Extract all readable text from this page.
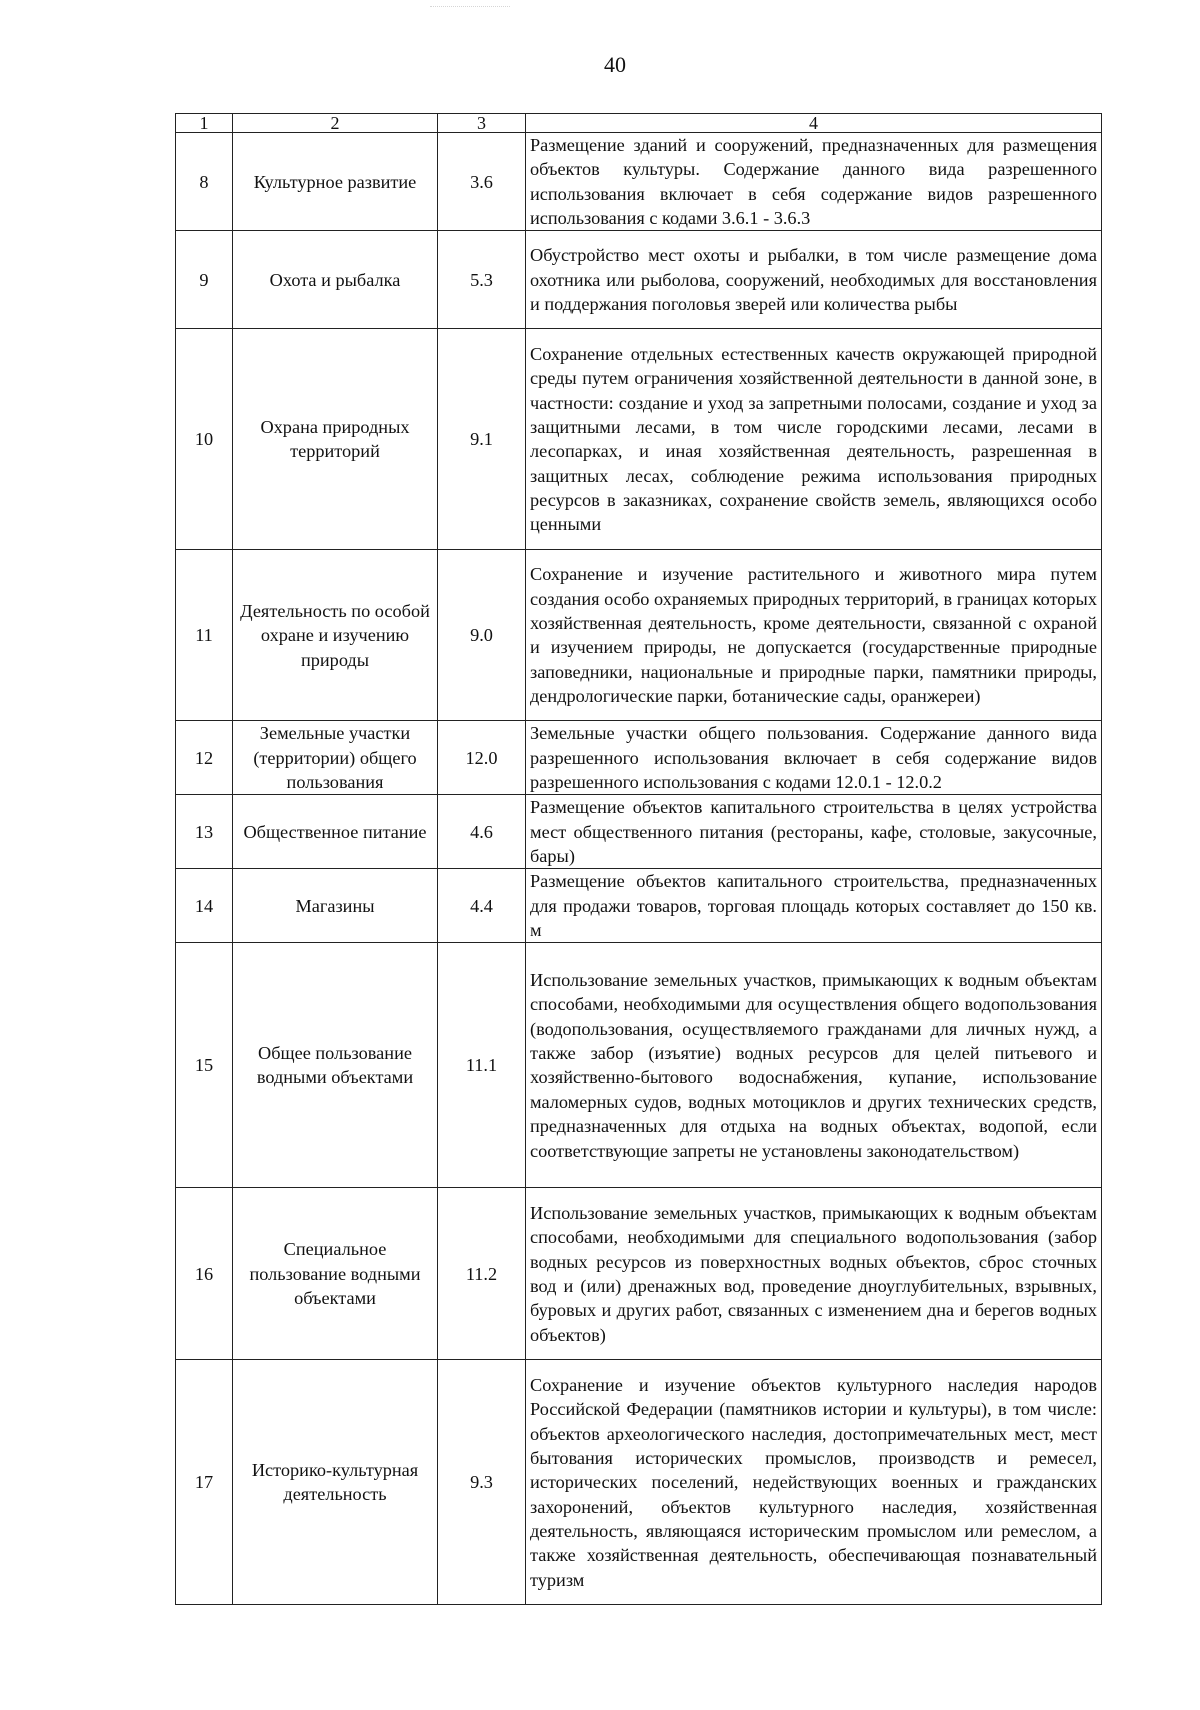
40
1	2	3	4
8	Культурное развитие	3.6	Размещение зданий и сооружений, предназначенных для размещения объектов культуры. Содержание данного вида разрешенного использования включает в себя содержание видов разрешенного использования с кодами 3.6.1 - 3.6.3
9	Охота и рыбалка	5.3	Обустройство мест охоты и рыбалки, в том числе размещение дома охотника или рыболова, сооружений, необходимых для восстановления и поддержания поголовья зверей или количества рыбы
10	Охрана природных территорий	9.1	Сохранение отдельных естественных качеств окружающей природной среды путем ограничения хозяйственной деятельности в данной зоне, в частности: создание и уход за запретными полосами, создание и уход за защитными лесами, в том числе городскими лесами, лесами в лесопарках, и иная хозяйственная деятельность, разрешенная в защитных лесах, соблюдение режима использования природных ресурсов в заказниках, сохранение свойств земель, являющихся особо ценными
11	Деятельность по особой охране и изучению природы	9.0	Сохранение и изучение растительного и животного мира путем создания особо охраняемых природных территорий, в границах которых хозяйственная деятельность, кроме деятельности, связанной с охраной и изучением природы, не допускается (государственные природные заповедники, национальные и природные парки, памятники природы, дендрологические парки, ботанические сады, оранжереи)
12	Земельные участки (территории) общего пользования	12.0	Земельные участки общего пользования. Содержание данного вида разрешенного использования включает в себя содержание видов разрешенного использования с кодами 12.0.1 - 12.0.2
13	Общественное питание	4.6	Размещение объектов капитального строительства в целях устройства мест общественного питания (рестораны, кафе, столовые, закусочные, бары)
14	Магазины	4.4	Размещение объектов капитального строительства, предназначенных для продажи товаров, торговая площадь которых составляет до 150 кв. м
15	Общее пользование водными объектами	11.1	Использование земельных участков, примыкающих к водным объектам способами, необходимыми для осуществления общего водопользования (водопользования, осуществляемого гражданами для личных нужд, а также забор (изъятие) водных ресурсов для целей питьевого и хозяйственно-бытового водоснабжения, купание, использование маломерных судов, водных мотоциклов и других технических средств, предназначенных для отдыха на водных объектах, водопой, если соответствующие запреты не установлены законодательством)
16	Специальное пользование водными объектами	11.2	Использование земельных участков, примыкающих к водным объектам способами, необходимыми для специального водопользования (забор водных ресурсов из поверхностных водных объектов, сброс сточных вод и (или) дренажных вод, проведение дноуглубительных, взрывных, буровых и других работ, связанных с изменением дна и берегов водных объектов)
17	Историко-культурная деятельность	9.3	Сохранение и изучение объектов культурного наследия народов Российской Федерации (памятников истории и культуры), в том числе: объектов археологического наследия, достопримечательных мест, мест бытования исторических промыслов, производств и ремесел, исторических поселений, недействующих военных и гражданских захоронений, объектов культурного наследия, хозяйственная деятельность, являющаяся историческим промыслом или ремеслом, а также хозяйственная деятельность, обеспечивающая познавательный туризм
